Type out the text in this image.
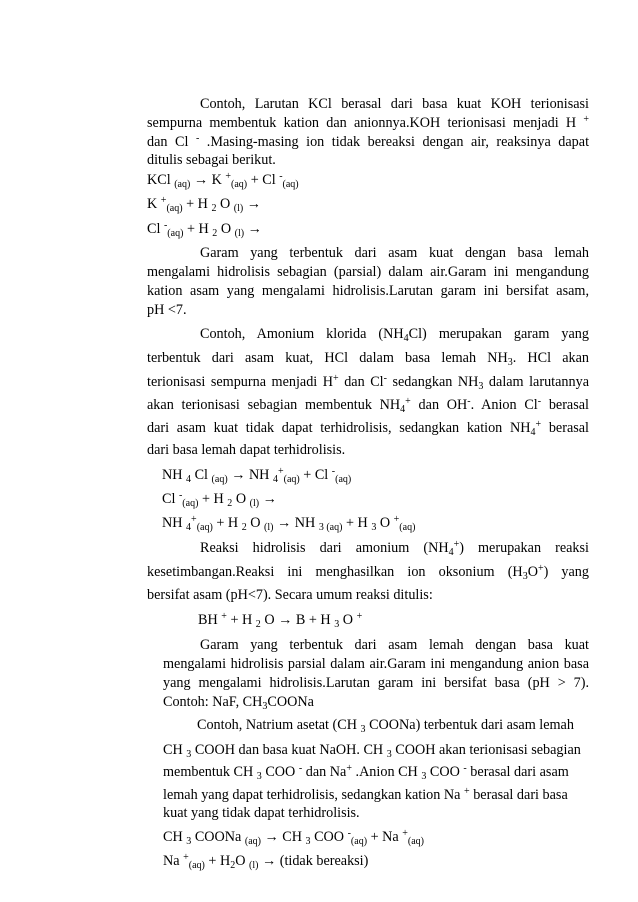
Contoh, Larutan KCl berasal dari basa kuat KOH terionisasi
sempurna membentuk kation dan anionnya.KOH terionisasi menjadi H +
dan Cl - .Masing-masing ion tidak bereaksi dengan air, reaksinya dapat
ditulis sebagai berikut.
KCl $_{(aq)}$ → K +$_{(aq)}$ + Cl -$_{(aq)}$
K +$_{(aq)}$ + H $_2$ O $_{(l)}$ →
Cl -$_{(aq)}$ + H $_2$ O $_{(l)}$ →
Garam yang terbentuk dari asam kuat dengan basa lemah
mengalami hidrolisis sebagian (parsial) dalam air.Garam ini mengandung
kation asam yang mengalami hidrolisis.Larutan garam ini bersifat asam,
pH <7.
Contoh, Amonium klorida $(NH_4Cl)$ merupakan garam yang
terbentuk dari asam kuat, HCl dalam basa lemah $NH_3$. HCl akan
terionisasi sempurna menjadi H+ dan Cl- sedangkan $NH_3$ dalam larutannya
akan terionisasi sebagian membentuk $NH_4^+$ dan OH-. Anion Cl- berasal
dari asam kuat tidak dapat terhidrolisis, sedangkan kation $NH_4^+$ berasal
dari basa lemah dapat terhidrolisis.
NH $_4$ Cl $_{(aq)}$ → NH $_4$+$_{(aq)}$ + Cl -$_{(aq)}$
Cl -$_{(aq)}$ + H $_2$ O $_{(l)}$ →
NH $_4$+$_{(aq)}$ + H $_2$ O $_{(l)}$ → NH $_{3 (aq)}$ + H $_3$ O +$_{(aq)}$
Reaksi hidrolisis dari amonium $(NH_4^+)$ merupakan reaksi
kesetimbangan.Reaksi ini menghasilkan ion oksonium $(H_3O^+)$ yang
bersifat asam (pH<7). Secara umum reaksi ditulis:
BH + + H $_2$ O → B + H $_3$ O +
Garam yang terbentuk dari asam lemah dengan basa kuat
mengalami hidrolisis parsial dalam air.Garam ini mengandung anion basa
yang mengalami hidrolisis.Larutan garam ini bersifat basa (pH > 7).
Contoh: NaF, $CH_3COONa$
Contoh, Natrium asetat (CH $_3$ COONa) terbentuk dari asam lemah
CH $_3$ COOH dan basa kuat NaOH. CH $_3$ COOH akan terionisasi sebagian
membentuk CH $_3$ COO - dan Na+ .Anion CH $_3$ COO - berasal dari asam
lemah yang dapat terhidrolisis, sedangkan kation Na + berasal dari basa
kuat yang tidak dapat terhidrolisis.
CH $_3$ COONa $_{(aq)}$ → CH $_3$ COO -$_{(aq)}$ + Na +$_{(aq)}$
Na $^+_{(aq)} + H_2O$ $_{(l)}$ → (tidak bereaksi)
